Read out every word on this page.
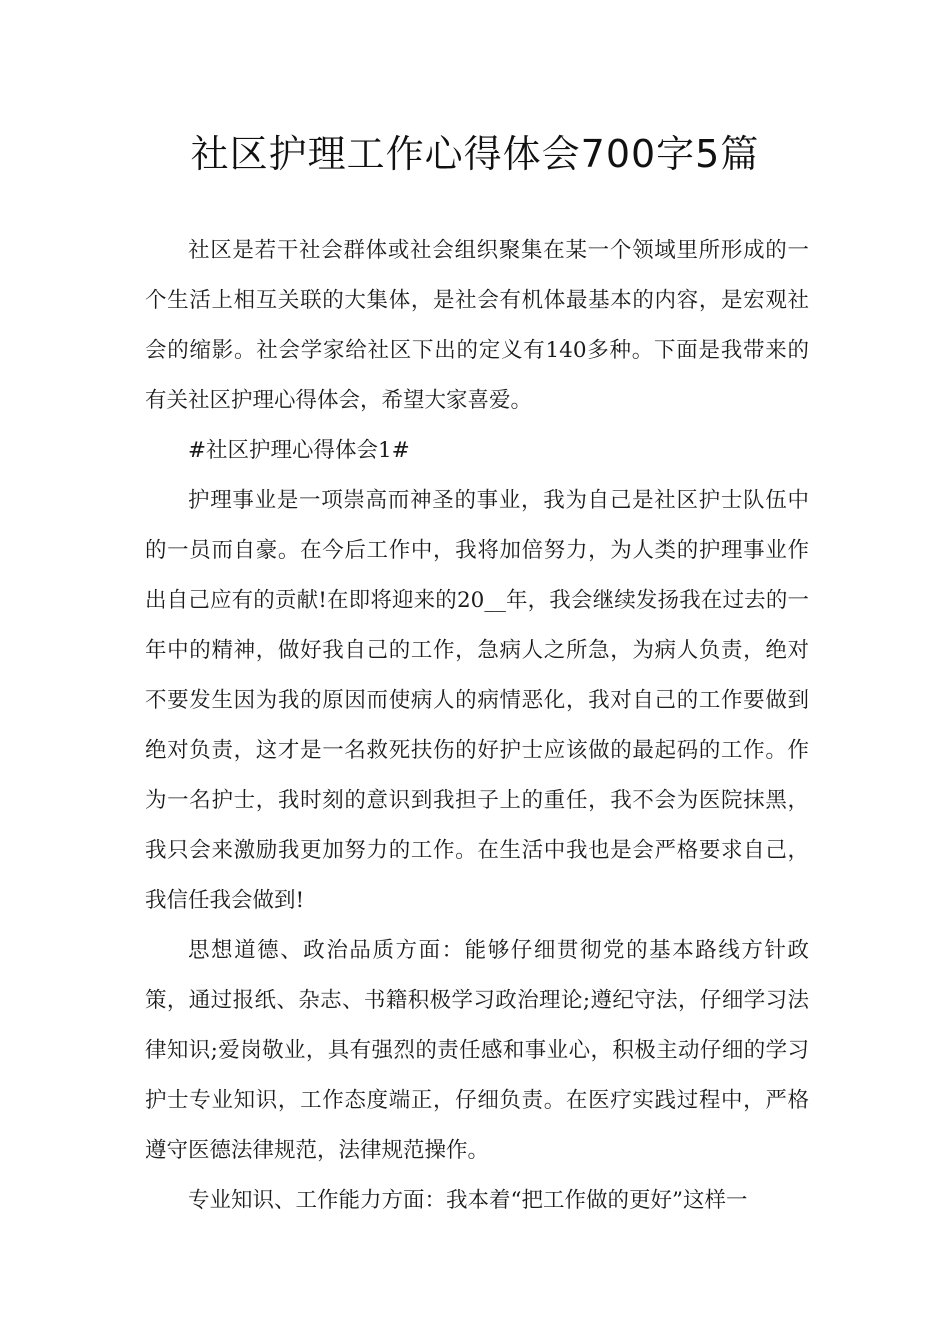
社区护理工作心得体会700字5篇

社区是若干社会群体或社会组织聚集在某一个领域里所形成的一个生活上相互关联的大集体，是社会有机体最基本的内容，是宏观社会的缩影。社会学家给社区下出的定义有140多种。下面是我带来的有关社区护理心得体会，希望大家喜爱。

#社区护理心得体会1#

护理事业是一项崇高而神圣的事业，我为自己是社区护士队伍中的一员而自豪。在今后工作中，我将加倍努力，为人类的护理事业作出自己应有的贡献!在即将迎来的20__年，我会继续发扬我在过去的一年中的精神，做好我自己的工作，急病人之所急，为病人负责，绝对不要发生因为我的原因而使病人的病情恶化，我对自己的工作要做到绝对负责，这才是一名救死扶伤的好护士应该做的最起码的工作。作为一名护士，我时刻的意识到我担子上的重任，我不会为医院抹黑，我只会来激励我更加努力的工作。在生活中我也是会严格要求自己，我信任我会做到!

思想道德、政治品质方面：能够仔细贯彻党的基本路线方针政策，通过报纸、杂志、书籍积极学习政治理论;遵纪守法，仔细学习法律知识;爱岗敬业，具有强烈的责任感和事业心，积极主动仔细的学习护士专业知识，工作态度端正，仔细负责。在医疗实践过程中，严格遵守医德法律规范，法律规范操作。

专业知识、工作能力方面：我本着“把工作做的更好”这样一
